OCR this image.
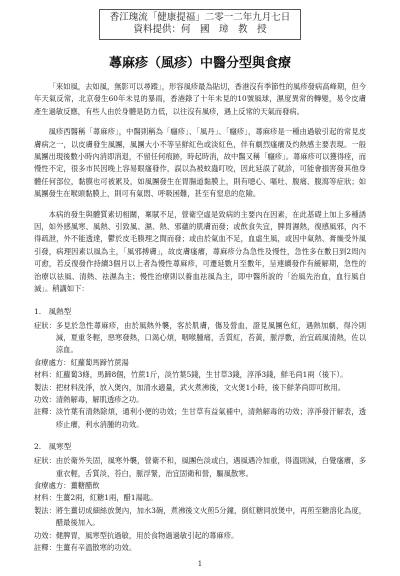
香江瑰流「健康提福」二零一二年九月七日
資料提供：何　國　璋　教　授
蕁麻疹（風疹）中醫分型與食療

「來如風，去如風，無影可以尋蹤」，形容風疹最為貼切，香港沒有季節性的風疹發病高峰期，但今年天氣反常，北京發生60年未見的暴雨，香港錄了十年未見的10號風球，濕度異常的轉變，易令皮膚產生過敏反應，有些人由於身體是防力低，以往沒有風疹，遇上反常的天氣而發病。

風疹西醫稱「蕁麻疹」，中醫則稱為「癮疹」、「風丹」、「癮疹」，蕁麻疹是一種由過敏引起的常見皮膚病之一，以皮膚發生風團，風團大小不等呈鮮紅色或淡紅色，伴有劇烈瘙癢及灼熱感主要表現。一般風團出現後數小時內消即消退，不留任何痕跡，時起時消，故中醫又稱「癮疹」。蕁麻疹可以獲得痊，而慢性不定，很多市民因晚上容易眼瘙發作，誤以為被蚊蟲叮咬，因此延誤了就診，可能會損害發其他身體任何部位，黏膜也可被累及，如風團發生在胃腸道黏膜上，則有噁心、嘔吐、腹痛、腹瀉等症狀；如風團發生在喉頭黏膜上，則可有氣悶、呼吸困難，甚至有窒息的危險。

本病的發生與體質素切相關，稟賦不足，營衛空虛是致病的主要內在因素，在此基礎上加上多種誘因，如外感風寒、風熱、引致風、濕、熱、邪蘊的肌膚而發；或飲食失宜，脾胃濕熱，復感風邪，內不得疏泄，外不能透達，鬱於皮毛腠理之間而發；或由於氣血不足，血虛生風，或因中氣熱、膏燥受外風引發，病理因素以風為主，「風邪搏膚」，故皮膚瘙癢，蕁麻疹分為急性及慢性，急性多在數日到2周內可愈，若反復發作持續3個月以上者為慢性蕁麻疹，可遷延數月至數年，呈連續發作有緩解期，急性的治療以祛風、清熱、祛濕為主；慢性治療則以養血祛風為主，即中醫所說的「治風先治血，血行風自滅」。稍講如下：

1.　風熱型
症狀： 多見於急性蕁麻疹，由於風熱外襲，客於肌膚，傷及營血，證見風團色紅，遇熱加劇，得冷則減，夏重冬輕，惡寒發熱，口渴心煩，咽喉腫痛，舌質紅，苔黃，脈浮數，治宜疏風清熱，佐以涼血。
食療處方： 紅蘿蔔馬蹄竹蔗湯
材料： 紅蘿蔔3條，馬蹄8個，竹蔗1斤，淡竹葉5錢，生甘草3錢，淳淨3錢，鮮毛尚1兩（後下）。
製法： 把材料洗淨，放入煲內，加清水適量，武火煮沸後，文火煲1小時，後下鮮茅尚即可飲用。
功效： 清熱解毒，解肌透疹之功。
註釋： 淡竹葉有清熱除煩，通利小便的功效；生甘草有益氣補中，清熱解毒的功效；淳淨發汗解表，透疹止癢，利水消腫的功效。
2.　風寒型
症狀： 由於衛外失固，風寒外襲，營衛不和，風團色淡或白，遇風遇冷加重，得溫則減，白覺瘙癢，多重衣輕，舌質淡，苔白，脈浮緊，治宜固衛和營，驅風散寒。
食療處方： 薑糖醋飲
材料： 生薑2兩，紅糖1兩，醋1湯匙。
製法： 將生薑切成細絲放煲內，加水3碗，煮沸後文火煎5分鐘，倒紅糖同放煲中，再煎至糖溶化為度，醋最後加入。
功效： 健脾胃，風寒型抗過敏，用於食物過過敏引起的蕁麻疹。
註釋： 生薑有辛溫散寒的功效。
1
